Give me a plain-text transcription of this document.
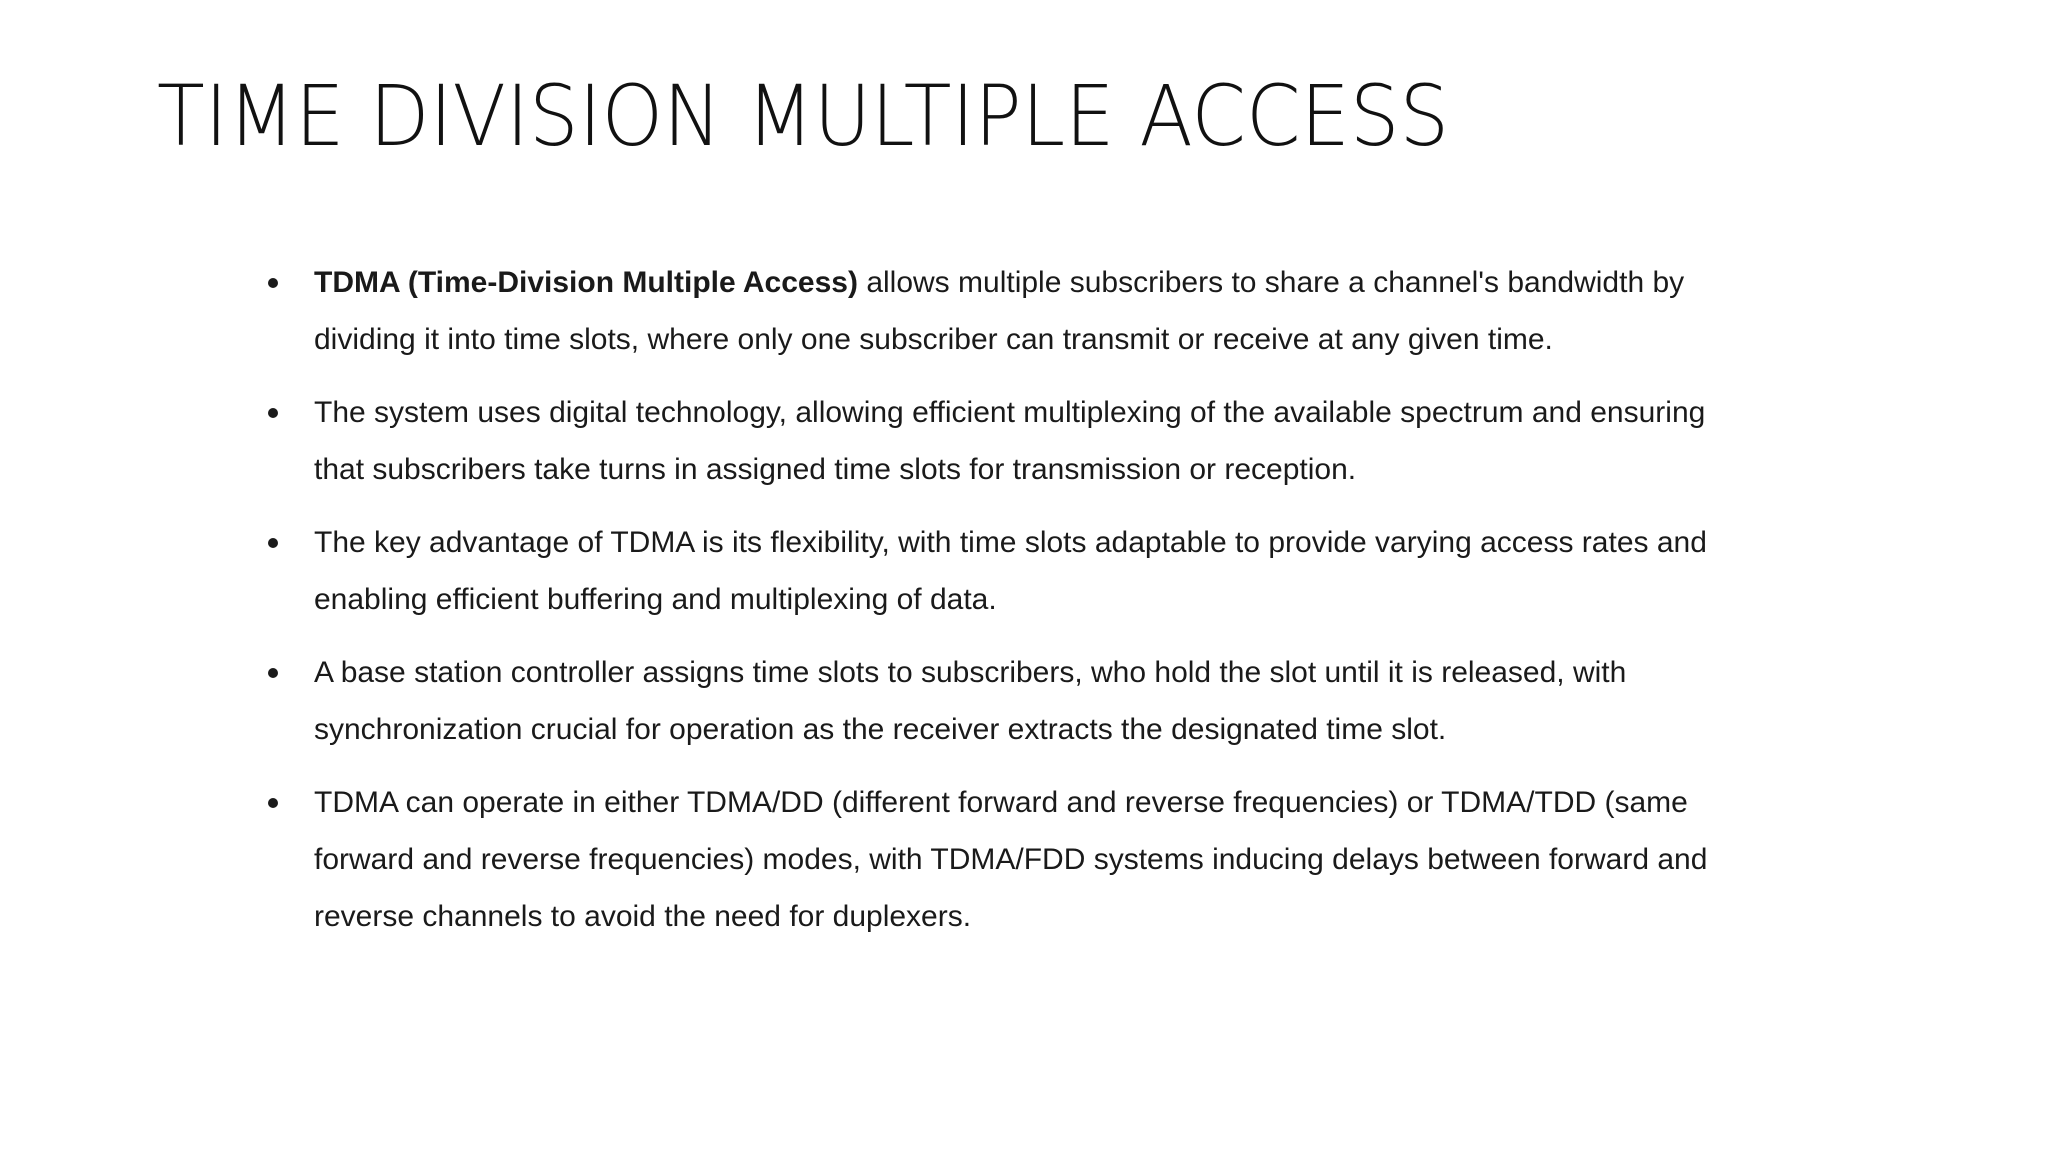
TIME DIVISION MULTIPLE ACCESS
TDMA (Time-Division Multiple Access) allows multiple subscribers to share a channel's bandwidth by dividing it into time slots, where only one subscriber can transmit or receive at any given time.
The system uses digital technology, allowing efficient multiplexing of the available spectrum and ensuring that subscribers take turns in assigned time slots for transmission or reception.
The key advantage of TDMA is its flexibility, with time slots adaptable to provide varying access rates and enabling efficient buffering and multiplexing of data.
A base station controller assigns time slots to subscribers, who hold the slot until it is released, with synchronization crucial for operation as the receiver extracts the designated time slot.
TDMA can operate in either TDMA/DD (different forward and reverse frequencies) or TDMA/TDD (same forward and reverse frequencies) modes, with TDMA/FDD systems inducing delays between forward and reverse channels to avoid the need for duplexers.
